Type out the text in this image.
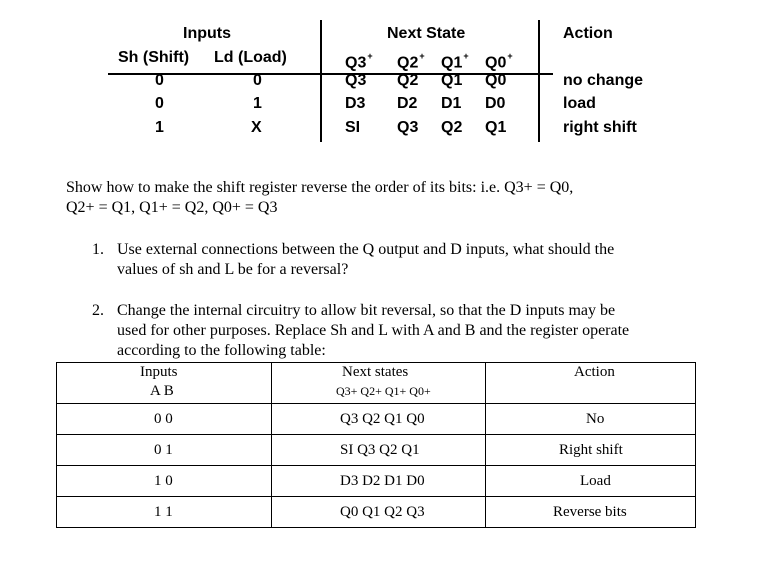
Inputs
Sh (Shift) Ld (Load)
Next State	Action
Q3+ Q2+ Q1+ Q0+
0	0	Q3 Q2 Q1 Q0	no change
0	1	D3 D2 D1 D0	load
1	X	SI Q3 Q2 Q1	right shift
Show how to make the shift register reverse the order of its bits: i.e. Q3+ = Q0,
Q2+ = Q1, Q1+ = Q2, Q0+ = Q3
1. Use external connections between the Q output and D inputs, what should the
values of sh and L be for a reversal?
2. Change the internal circuitry to allow bit reversal, so that the D inputs may be
used for other purposes. Replace Sh and L with A and B and the register operate
according to the following table:
Inputs
A B
Next states
Q3+ Q2+ Q1+ Q0+
Action
0 0	Q3 Q2 Q1 Q0	No
0 1	SI Q3 Q2 Q1	Right shift
1 0	D3 D2 D1 D0	Load
1 1	Q0 Q1 Q2 Q3	Reverse bits
